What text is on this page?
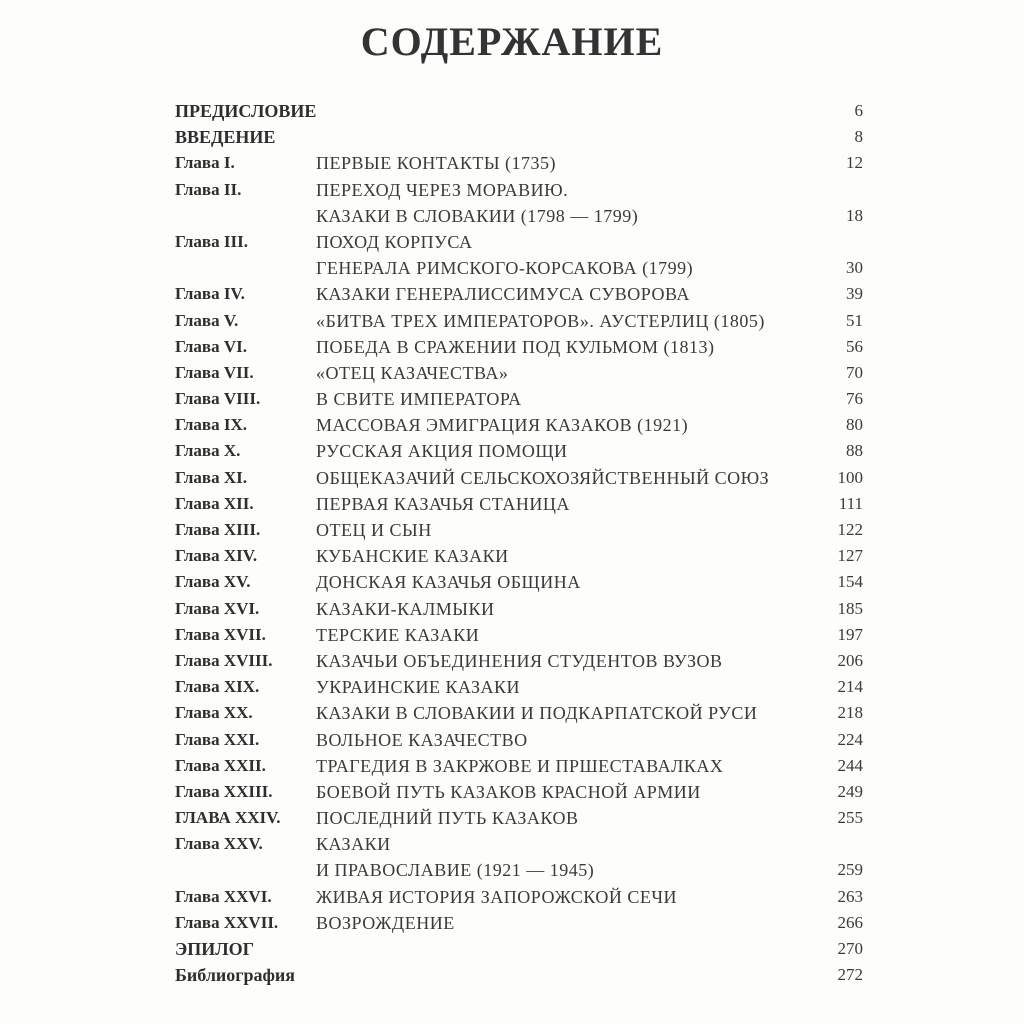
СОДЕРЖАНИЕ
ПРЕДИСЛОВИЕ	6
ВВЕДЕНИЕ	8
Глава I.	ПЕРВЫЕ КОНТАКТЫ (1735)	12
Глава II.	ПЕРЕХОД ЧЕРЕЗ МОРАВИЮ.
КАЗАКИ В СЛОВАКИИ (1798 — 1799)	18
Глава III.	ПОХОД КОРПУСА
ГЕНЕРАЛА РИМСКОГО-КОРСАКОВА (1799)	30
Глава IV.	КАЗАКИ ГЕНЕРАЛИССИМУСА СУВОРОВА	39
Глава V.	«БИТВА ТРЕХ ИМПЕРАТОРОВ». АУСТЕРЛИЦ (1805)	51
Глава VI.	ПОБЕДА В СРАЖЕНИИ ПОД КУЛЬМОМ (1813)	56
Глава VII.	«ОТЕЦ КАЗАЧЕСТВА»	70
Глава VIII.	В СВИТЕ ИМПЕРАТОРА	76
Глава IX.	МАССОВАЯ ЭМИГРАЦИЯ КАЗАКОВ (1921)	80
Глава X.	РУССКАЯ АКЦИЯ ПОМОЩИ	88
Глава XI.	ОБЩЕКАЗАЧИЙ СЕЛЬСКОХОЗЯЙСТВЕННЫЙ СОЮЗ	100
Глава XII.	ПЕРВАЯ КАЗАЧЬЯ СТАНИЦА	111
Глава XIII.	ОТЕЦ И СЫН	122
Глава XIV.	КУБАНСКИЕ КАЗАКИ	127
Глава XV.	ДОНСКАЯ КАЗАЧЬЯ ОБЩИНА	154
Глава XVI.	КАЗАКИ-КАЛМЫКИ	185
Глава XVII.	ТЕРСКИЕ КАЗАКИ	197
Глава XVIII. КАЗАЧЬИ ОБЪЕДИНЕНИЯ СТУДЕНТОВ ВУЗОВ	206
Глава XIX.	УКРАИНСКИЕ КАЗАКИ	214
Глава XX.	КАЗАКИ В СЛОВАКИИ И ПОДКАРПАТСКОЙ РУСИ	218
Глава XXI.	ВОЛЬНОЕ КАЗАЧЕСТВО	224
Глава XXII.	ТРАГЕДИЯ В ЗАКРЖОВЕ И ПРШЕСТАВАЛКАХ	244
Глава XXIII. БОЕВОЙ ПУТЬ КАЗАКОВ КРАСНОЙ АРМИИ	249
ГЛАВА XXIV. ПОСЛЕДНИЙ ПУТЬ КАЗАКОВ	255
Глава XXV.	КАЗАКИ
И ПРАВОСЛАВИЕ (1921 — 1945)	259
Глава XXVI. ЖИВАЯ ИСТОРИЯ ЗАПОРОЖСКОЙ СЕЧИ	263
Глава XXVII. ВОЗРОЖДЕНИЕ	266
ЭПИЛОГ	270
Библиография	272
